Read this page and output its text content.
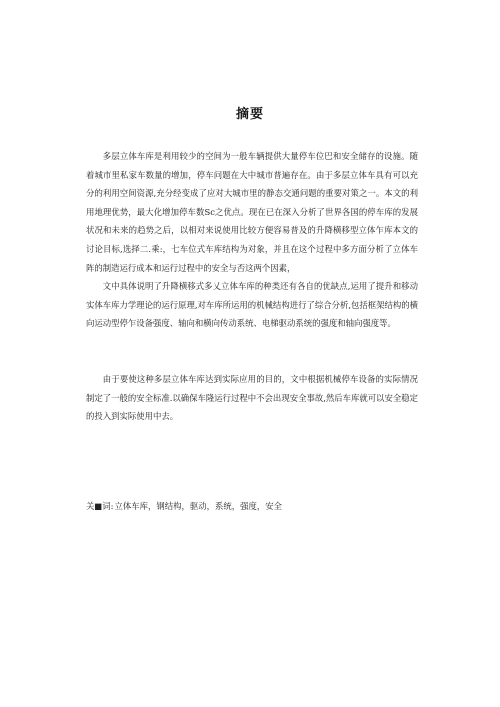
摘要

多层立体车库是利用较少的空间为一般车辆提供大量停车位巴和安全储存的设施。随着城市里私家车数量的增加，停车问题在大中城市普遍存在。由于多层立体车具有可以充分的利用空间资源,充分经变成了应对大城市里的静态交通问题的重要对策之一。本文的利用地理优势，最大化增加停车数Sc之优点。现在已在深入分析了世界各国的停车库的发展状况和未来的趋势之后，以相对来说使用比较方便容易普及的升降横移型立体乍库本文的讨论目标,选择二.乘:，七车位式车库结构为对象，并且在这个过程中多方面分析了立体车阵的制造运行成本和运行过程中的安全与否这两个因素，

文中具体说明了升降横移式多乂立体车库的种类还有各自的优缺点,运用了提升和移动实体车库力学理论的运行原理,对车库所运用的机械结构进行了综合分析,包括框架结构的横向运动型停乍设备强度、轴向和横向传动系统、电梯驱动系统的强度和轴向强度等。

由于要使这种多层立体车库达到实际应用的目的，文中根据机械停车设备的实际情况制定了一般的安全标准.以确保车隆运行过程中不会出现安全事故,然后车库就可以安全稳定的投入到实际使用中去。

关■词:立体车库，钢结构，驱动，系统，强度，安全
